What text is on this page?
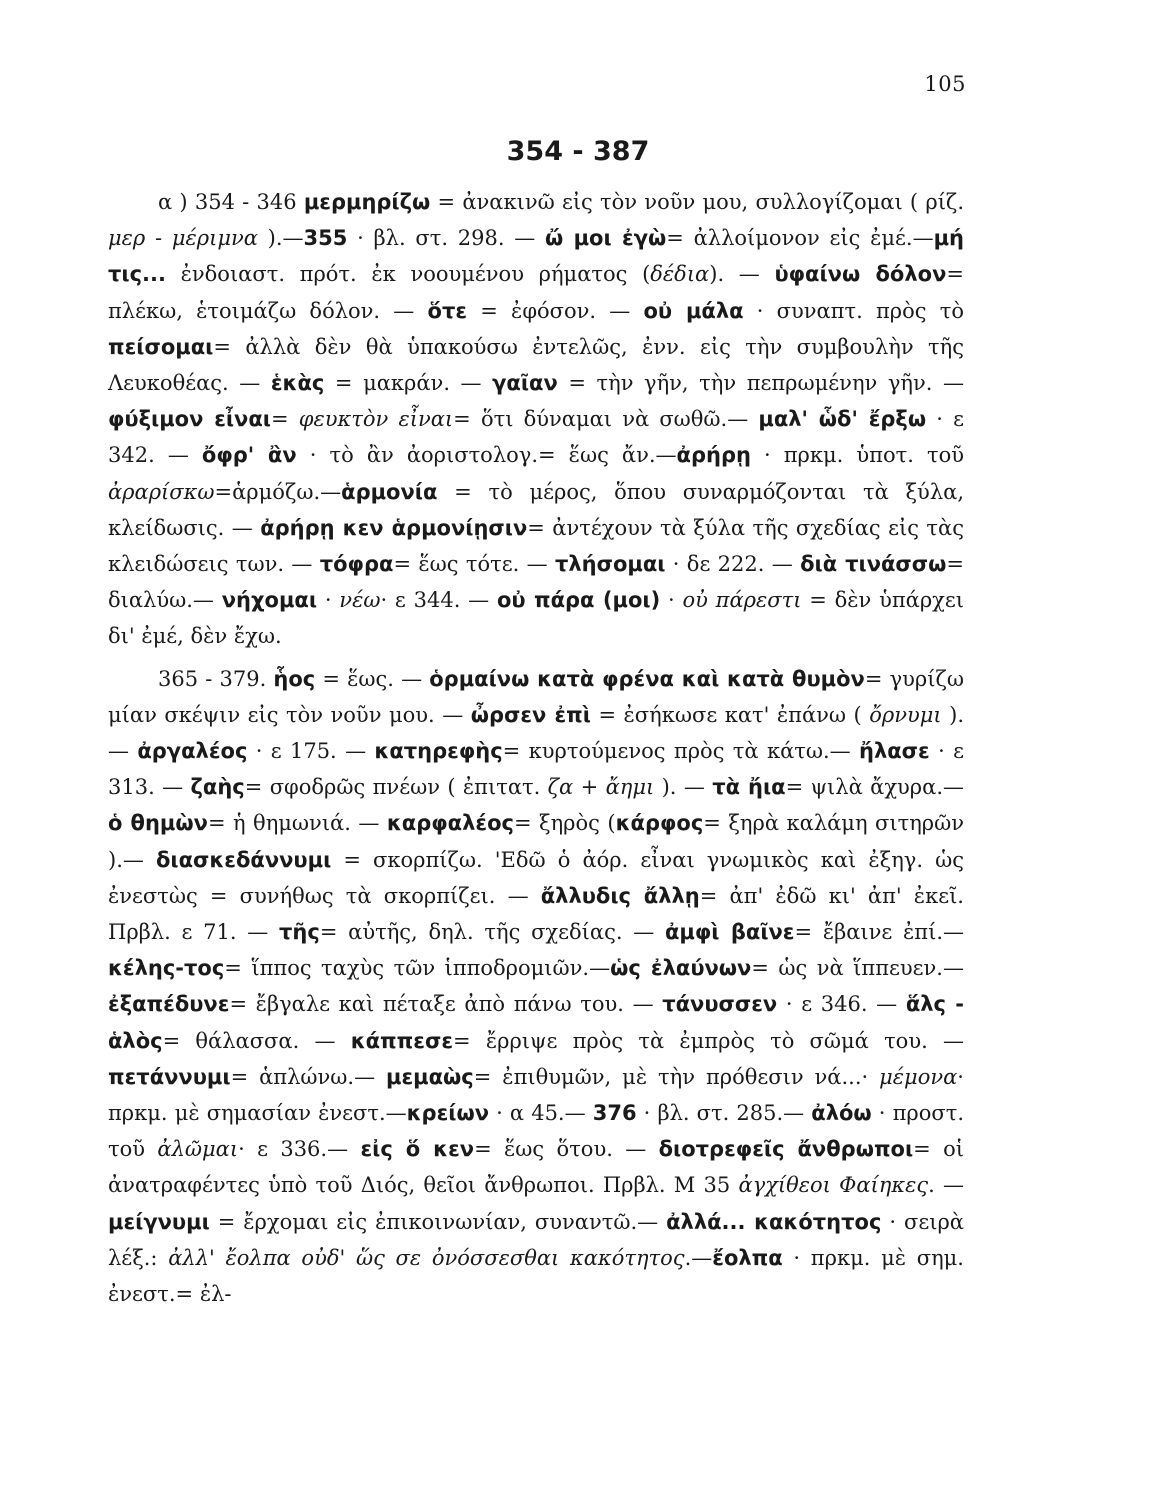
105
354 - 387

α ) 354 - 346 μερμηρίζω = ἀνακινῶ εἰς τὸν νοῦν μου, συλλογίζομαι ( ρίζ. μερ - μέριμνα ).—355 · βλ. στ. 298. — ὤ μοι ἐγὼ= ἀλλοίμονον εἰς ἐμέ.—μή τις... ἐνδοιαστ. πρότ. ἐκ νοουμένου ρήματος (δέδια). — ὑφαίνω δόλον= πλέκω, ἑτοιμάζω δόλον. — ὅτε = ἐφόσον. — οὐ μάλα · συναπτ. πρὸς τὸ πείσομαι= ἀλλὰ δὲν θὰ ὑπακούσω ἐντελῶς, ἐνν. εἰς τὴν συμβουλὴν τῆς Λευκοθέας. — ἑκὰς = μακράν. — γαῖαν = τὴν γῆν, τὴν πεπρωμένην γῆν. — φύξιμον εἶναι= φευκτὸν εἶναι= ὅτι δύναμαι νὰ σωθῶ.— μαλ' ὧδ' ἔρξω · ε 342. — ὄφρ' ἂν · τὸ ἂν ἀοριστολογ.= ἕως ἄν.—ἀρήρῃ · πρκμ. ὑποτ. τοῦ ἀραρίσκω=ἁρμόζω.—ἁρμονία = τὸ μέρος, ὅπου συναρμόζονται τὰ ξύλα, κλείδωσις. — ἀρήρῃ κεν ἁρμονίῃσιν= ἀντέχουν τὰ ξύλα τῆς σχεδίας εἰς τὰς κλειδώσεις των. — τόφρα= ἕως τότε. — τλήσομαι · δε 222. — διὰ τινάσσω= διαλύω.— νήχομαι · νέω· ε 344. — οὐ πάρα (μοι) · οὐ πάρεστι = δὲν ὑπάρχει δι' ἐμέ, δὲν ἔχω.

365 - 379. ἧος = ἕως. — ὁρμαίνω κατὰ φρένα καὶ κατὰ θυμὸν= γυρίζω μίαν σκέψιν εἰς τὸν νοῦν μου. — ὦρσεν ἐπὶ = ἐσήκωσε κατ' ἐπάνω ( ὄρνυμι ).— ἀργαλέος · ε 175. — κατηρεφὴς= κυρτούμενος πρὸς τὰ κάτω.— ἤλασε · ε 313. — ζαὴς= σφοδρῶς πνέων ( ἐπιτατ. ζα + ἄημι ). — τὰ ἤια= ψιλὰ ἄχυρα.— ὁ θημὼν= ἡ θημωνιά. — καρφαλέος= ξηρὸς (κάρφος= ξηρὰ καλάμη σιτηρῶν ).— διασκεδάννυμι = σκορπίζω. 'Εδῶ ὁ ἀόρ. εἶναι γνωμικὸς καὶ ἐξηγ. ὡς ἐνεστὼς = συνήθως τὰ σκορπίζει. — ἄλλυδις ἄλλῃ= ἀπ' ἐδῶ κι' ἀπ' ἐκεῖ. Πρβλ. ε 71. — τῆς= αὐτῆς, δηλ. τῆς σχεδίας. — ἀμφὶ βαῖνε= ἔβαινε ἐπί.— κέλης-τος= ἵππος ταχὺς τῶν ἱπποδρομιῶν.—ὡς ἐλαύνων= ὡς νὰ ἵππευεν.— ἐξαπέδυνε= ἔβγαλε καὶ πέταξε ἀπὸ πάνω του. — τάνυσσεν · ε 346. — ἅλς - ἁλὸς= θάλασσα. — κάππεσε= ἔρριψε πρὸς τὰ ἐμπρὸς τὸ σῶμά του. — πετάννυμι= ἁπλώνω.— μεμαὼς= ἐπιθυμῶν, μὲ τὴν πρόθεσιν νά...· μέμονα· πρκμ. μὲ σημασίαν ἐνεστ.—κρείων · α 45.— 376 · βλ. στ. 285.— ἀλόω · προστ. τοῦ ἀλῶμαι· ε 336.— εἰς ὅ κεν= ἕως ὅτου. — διοτρεφεῖς ἄνθρωποι= οἱ ἀνατραφέντες ὑπὸ τοῦ Διός, θεῖοι ἄνθρωποι. Πρβλ. Μ 35 ἀγχίθεοι Φαίηκες. — μείγνυμι = ἔρχομαι εἰς ἐπικοινωνίαν, συναντῶ.— ἀλλά... κακότητος · σειρὰ λέξ.: ἀλλ' ἔολπα οὐδ' ὥς σε ὀνόσσεσθαι κακότητος.—ἔολπα · πρκμ. μὲ σημ. ἐνεστ.= ἐλ-
